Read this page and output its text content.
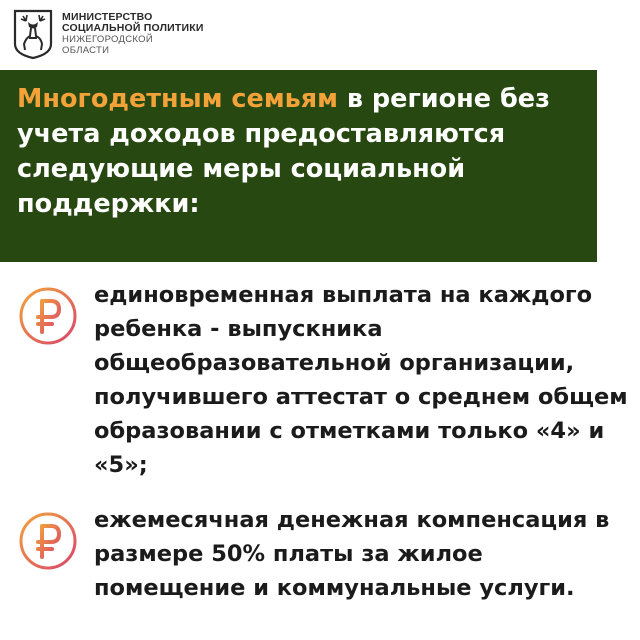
МИНИСТЕРСТВО
СОЦИАЛЬНОЙ ПОЛИТИКИ
НИЖЕГОРОДСКОЙ
ОБЛАСТИ
Многодетным семьям в регионе без учета доходов предоставляются следующие меры социальной поддержки:
единовременная выплата на каждого ребенка - выпускника общеобразовательной организации, получившего аттестат о среднем общем образовании с отметками только «4» и «5»;
ежемесячная денежная компенсация в размере 50% платы за жилое помещение и коммунальные услуги.
